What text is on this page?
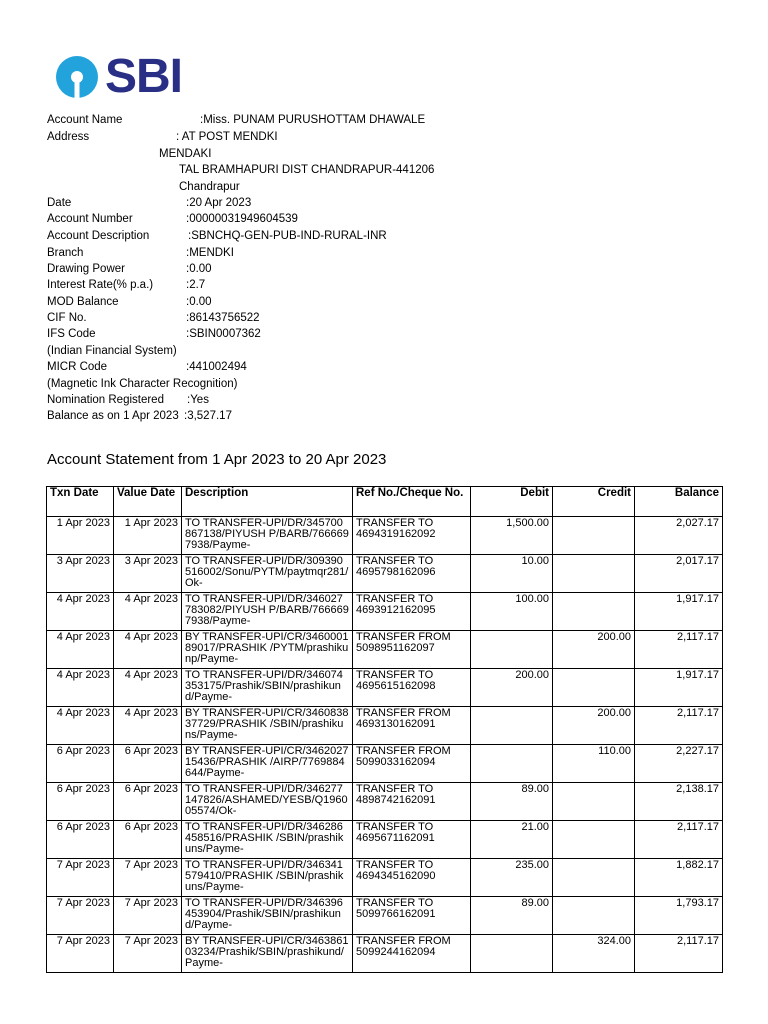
SBI
Account Name	:Miss. PUNAM PURUSHOTTAM DHAWALE
Address	: AT POST MENDKI
MENDAKI
TAL BRAMHAPURI DIST CHANDRAPUR-441206
Chandrapur
Date	:20 Apr 2023
Account Number	:00000031949604539
Account Description	:SBNCHQ-GEN-PUB-IND-RURAL-INR
Branch	:MENDKI
Drawing Power	:0.00
Interest Rate(% p.a.)	:2.7
MOD Balance	:0.00
CIF No.	:86143756522
IFS Code	:SBIN0007362
(Indian Financial System)
MICR Code	:441002494
(Magnetic Ink Character Recognition)
Nomination Registered :Yes
Balance as on 1 Apr 2023 :3,527.17
Account Statement from 1 Apr 2023 to 20 Apr 2023
Txn Date	Value Date	Description	Ref No./Cheque No.	Debit	Credit	Balance
1 Apr 2023	1 Apr 2023	TO TRANSFER-UPI/DR/345700867138/PIYUSH P/BARB/7666697938/Payme-	TRANSFER TO 4694319162092	1,500.00		2,027.17
3 Apr 2023	3 Apr 2023	TO TRANSFER-UPI/DR/309390516002/Sonu/PYTM/paytmqr281/Ok-	TRANSFER TO 4695798162096	10.00		2,017.17
4 Apr 2023	4 Apr 2023	TO TRANSFER-UPI/DR/346027783082/PIYUSH P/BARB/7666697938/Payme-	TRANSFER TO 4693912162095	100.00		1,917.17
4 Apr 2023	4 Apr 2023	BY TRANSFER-UPI/CR/346000189017/PRASHIK /PYTM/prashikunp/Payme-	TRANSFER FROM 5098951162097		200.00	2,117.17
4 Apr 2023	4 Apr 2023	TO TRANSFER-UPI/DR/346074353175/Prashik/SBIN/prashikund/Payme-	TRANSFER TO 4695615162098	200.00		1,917.17
4 Apr 2023	4 Apr 2023	BY TRANSFER-UPI/CR/346083837729/PRASHIK /SBIN/prashikuns/Payme-	TRANSFER FROM 4693130162091		200.00	2,117.17
6 Apr 2023	6 Apr 2023	BY TRANSFER-UPI/CR/346202715436/PRASHIK /AIRP/7769884644/Payme-	TRANSFER FROM 5099033162094		110.00	2,227.17
6 Apr 2023	6 Apr 2023	TO TRANSFER-UPI/DR/346277147826/ASHAMED/YESB/Q196005574/Ok-	TRANSFER TO 4898742162091	89.00		2,138.17
6 Apr 2023	6 Apr 2023	TO TRANSFER-UPI/DR/346286458516/PRASHIK /SBIN/prashikuns/Payme-	TRANSFER TO 4695671162091	21.00		2,117.17
7 Apr 2023	7 Apr 2023	TO TRANSFER-UPI/DR/346341579410/PRASHIK /SBIN/prashikuns/Payme-	TRANSFER TO 4694345162090	235.00		1,882.17
7 Apr 2023	7 Apr 2023	TO TRANSFER-UPI/DR/346396453904/Prashik/SBIN/prashikund/Payme-	TRANSFER TO 5099766162091	89.00		1,793.17
7 Apr 2023	7 Apr 2023	BY TRANSFER-UPI/CR/346386103234/Prashik/SBIN/prashikund/Payme-	TRANSFER FROM 5099244162094		324.00	2,117.17
